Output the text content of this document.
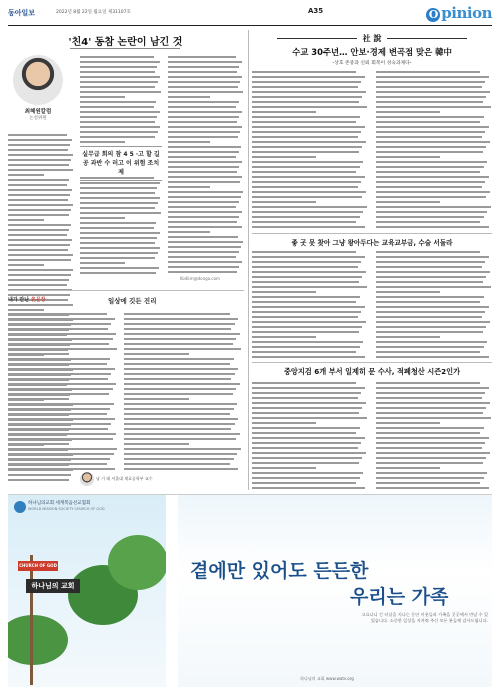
동아일보	2022년 8월 22일 월요일 제31107호	A35	O pinion
'친4' 동참 논란이 남긴 것
최혜원칼럼
논설위원
실무급 회의 참 4 5 ·고 할 길 공 과반 수 러고 이 위험 조치 제
Ko4km@donga.com
내가 만난 名문장	일상에 깃든 진리
남 기 태 서울대 재료공학부 교수
社 說
수교 30주년… 안보·경제 변곡점 맞은 韓中
-상호 존중과 신뢰 회복이 성숙과제다-
좋 곳 못 찾아 그냥 왕아두다는 교육교부금, 수술 서둘라
중앙지검 6개 부서 일제히 문 수사, 적폐청산 시즌2인가
하나님의교회 세계복음선교협회
WORLD MISSION SOCIETY CHURCH OF GOD
CHURCH OF GOD
하나님의 교회
곁에만 있어도 든든한
우리는 가족
고요나니 긴 터널을 지나는 동안 이웃들과 가족을 곳곳에서 만날 수 있었습니다. 소중한 일상을 지켜줘 주신 모든 분들께 감사드립니다.
하나님의 교회 www.watv.org
